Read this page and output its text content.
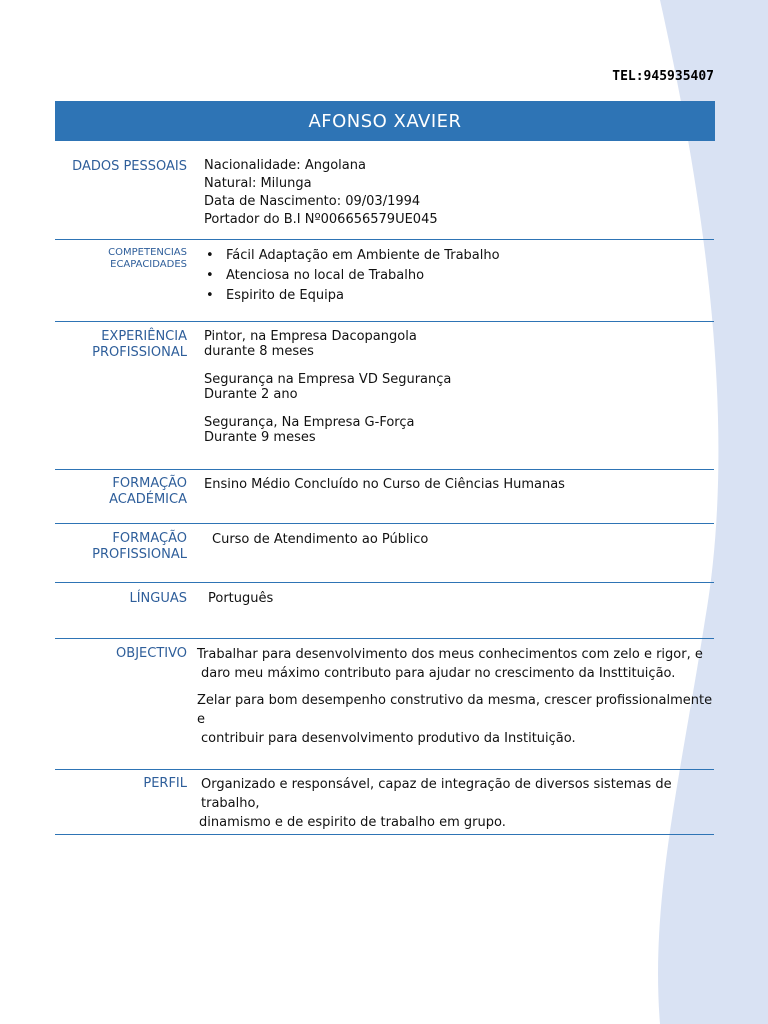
TEL:945935407
AFONSO XAVIER
DADOS PESSOAIS Nacionalidade: Angolana

Natural: Milunga

Data de Nascimento: 09/03/1994

Portador do B.I Nº006656579UE045

COMPETENCIAS
ECAPACIDADES
• Fácil Adaptação em Ambiente de Trabalho
• Atenciosa no local de Trabalho
• Espirito de Equipa
EXPERIÊNCIA
PROFISSIONAL

Pintor, na Empresa Dacopangola

durante 8 meses

Segurança na Empresa VD Segurança

Durante 2 ano

Segurança, Na Empresa G-Força

Durante 9 meses

FORMAÇÃO
ACADÉMICA

Ensino Médio Concluído no Curso de Ciências Humanas

FORMAÇÃO
PROFISSIONAL

Curso de Atendimento ao Público

LÍNGUAS Português

OBJECTIVO Trabalhar para desenvolvimento dos meus conhecimentos com zelo e rigor, e

daro meu máximo contributo para ajudar no crescimento da Insttituição.

Zelar para bom desempenho construtivo da mesma, crescer profissionalmente e

contribuir para desenvolvimento produtivo da Instituição.

PERFIL Organizado e responsável, capaz de integração de diversos sistemas de trabalho,

dinamismo e de espirito de trabalho em grupo.
